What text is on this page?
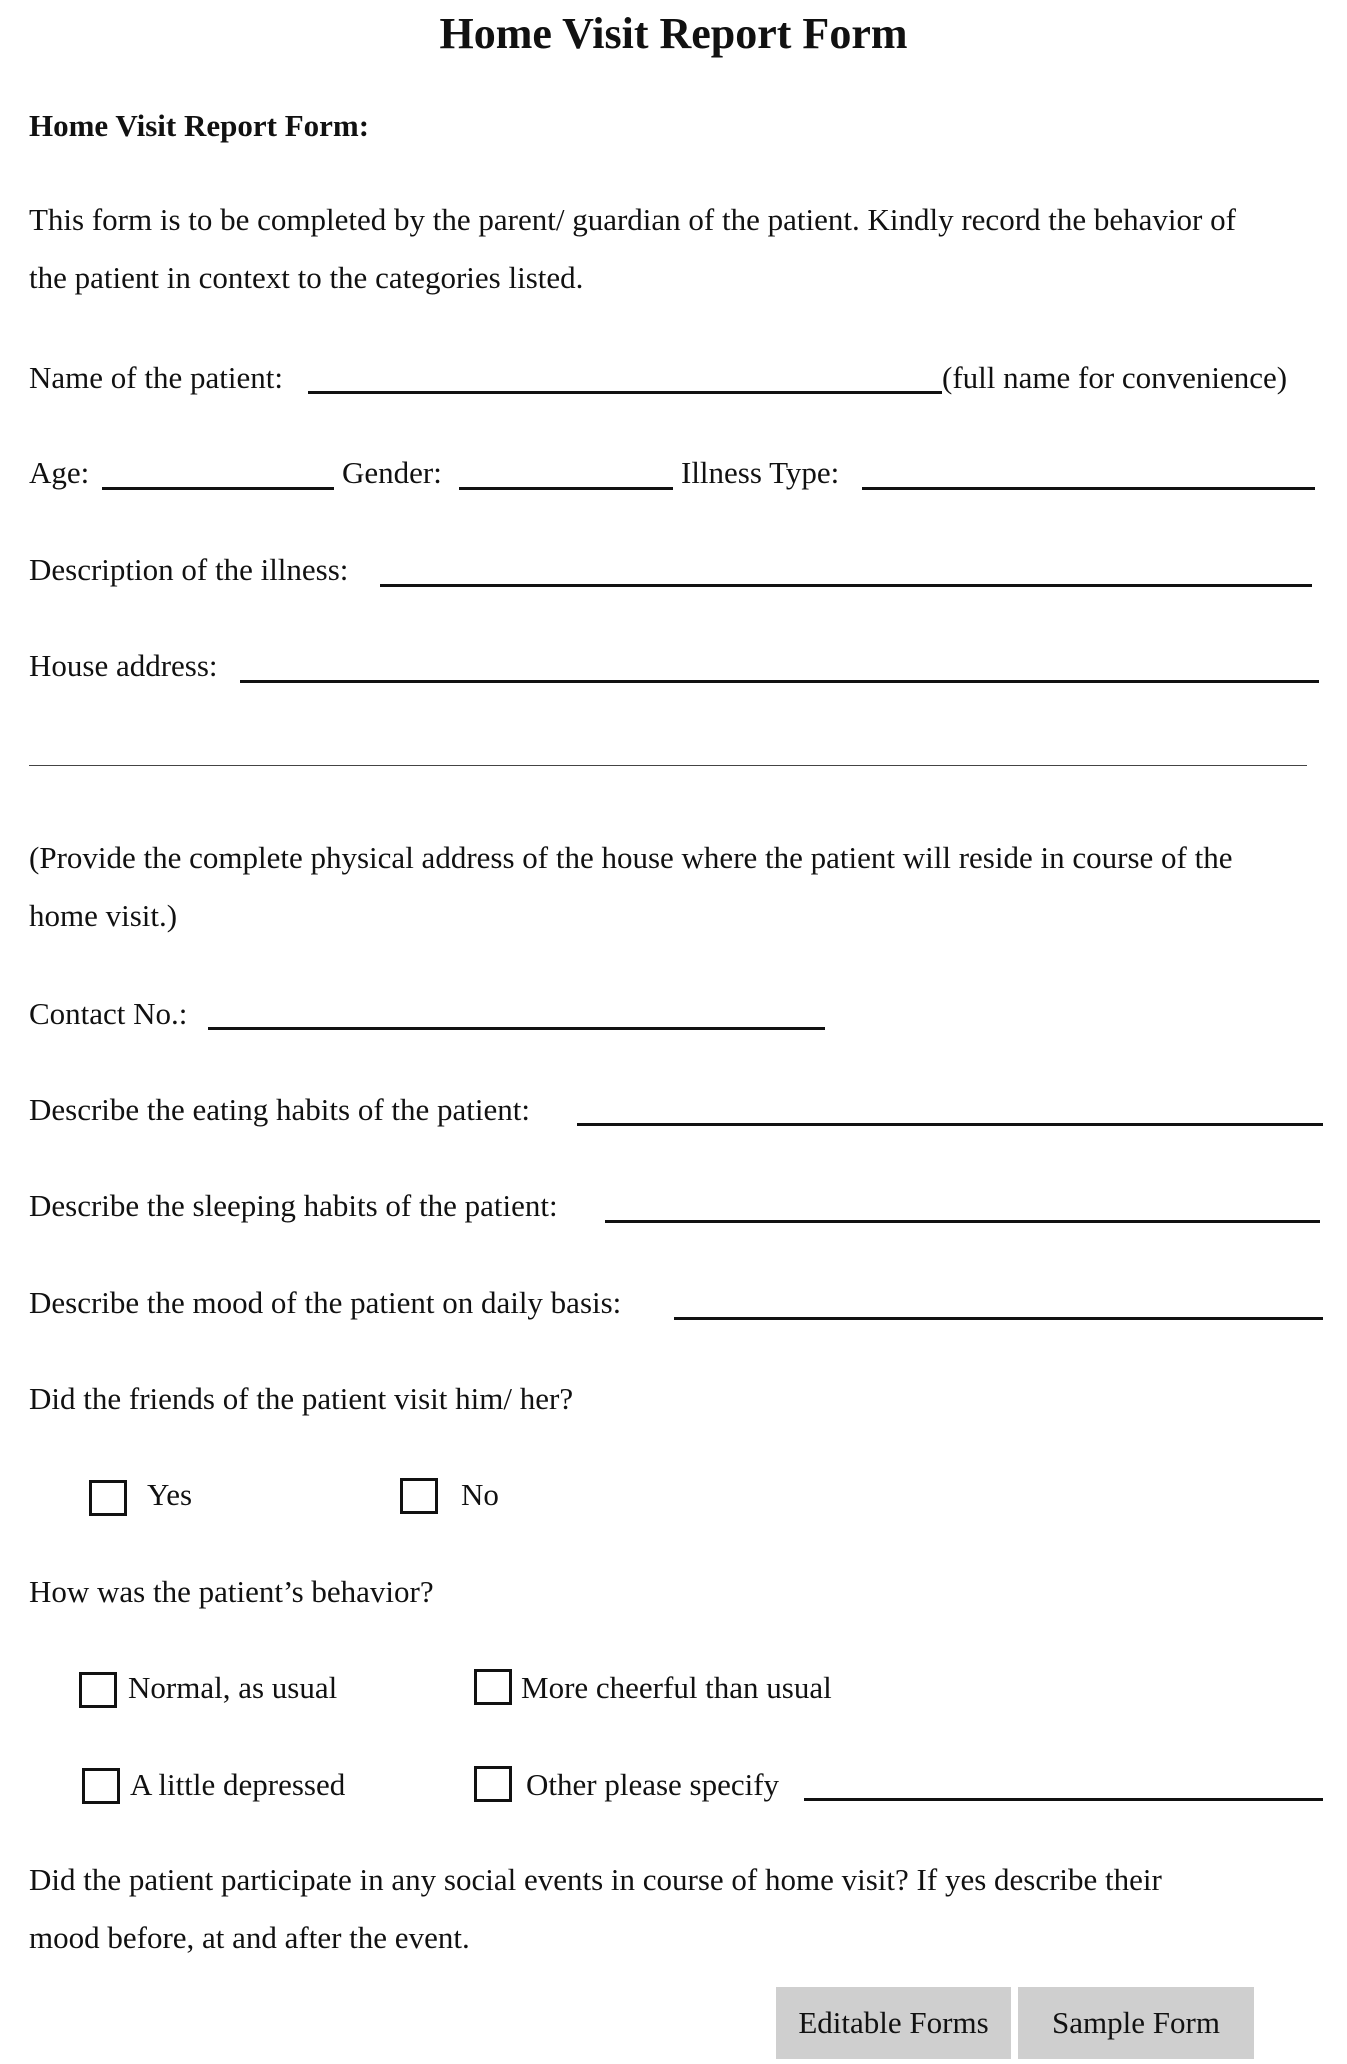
Home Visit Report Form
Home Visit Report Form:
This form is to be completed by the parent/ guardian of the patient. Kindly record the behavior of
the patient in context to the categories listed.
Name of the patient:	(full name for convenience)
Age:	Gender:	Illness Type:
Description of the illness:
House address:
(Provide the complete physical address of the house where the patient will reside in course of the
home visit.)
Contact No.:
Describe the eating habits of the patient:
Describe the sleeping habits of the patient:
Describe the mood of the patient on daily basis:
Did the friends of the patient visit him/ her?
Yes	No
How was the patient’s behavior?
Normal, as usual	More cheerful than usual
A little depressed	Other please specify
Did the patient participate in any social events in course of home visit? If yes describe their
mood before, at and after the event.
Editable Forms	Sample Form
